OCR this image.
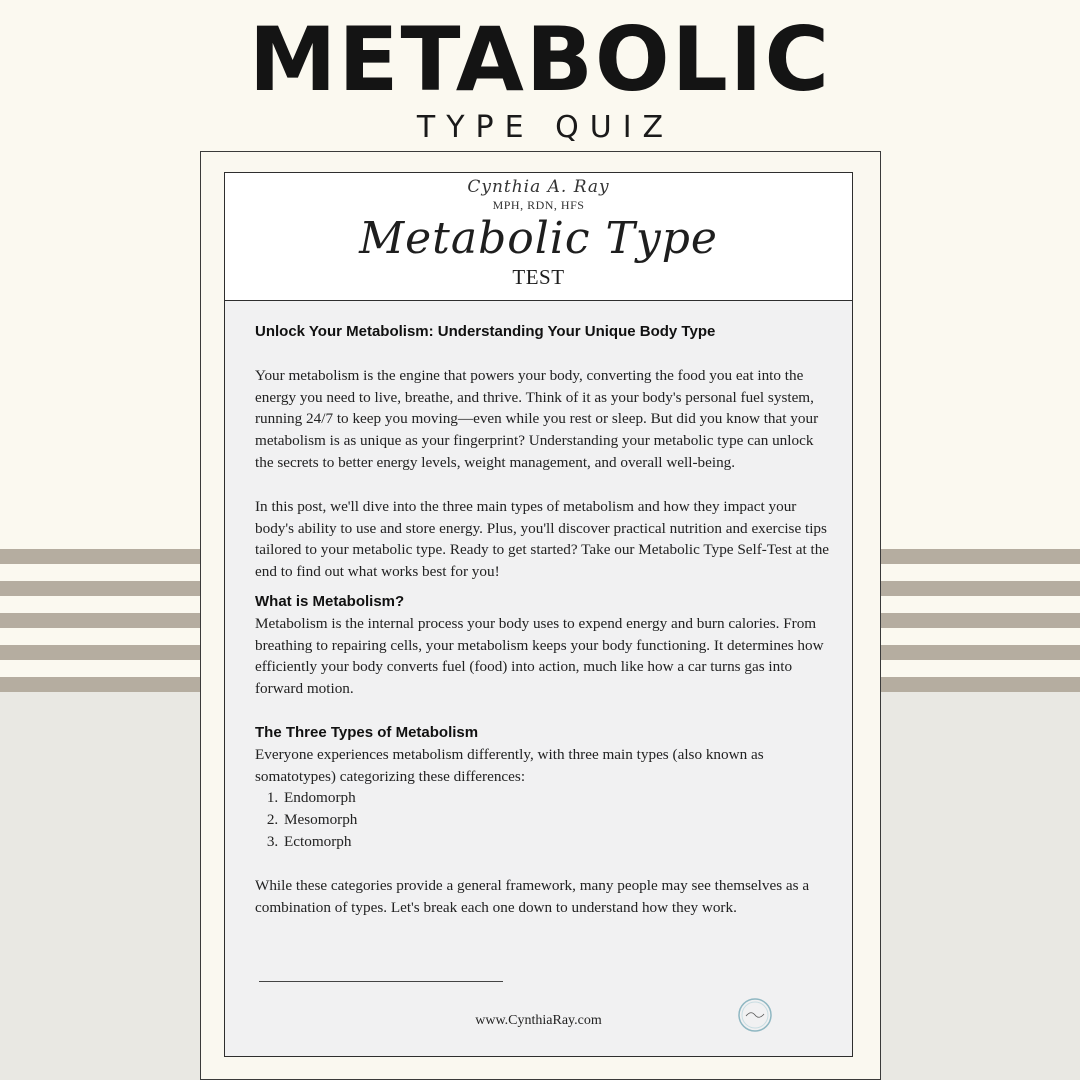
METABOLIC
TYPE QUIZ
Cynthia A. Ray
MPH, RDN, HFS
Metabolic Type
TEST
Unlock Your Metabolism: Understanding Your Unique Body Type

Your metabolism is the engine that powers your body, converting the food you eat into the energy you need to live, breathe, and thrive. Think of it as your body's personal fuel system, running 24/7 to keep you moving—even while you rest or sleep. But did you know that your metabolism is as unique as your fingerprint? Understanding your metabolic type can unlock the secrets to better energy levels, weight management, and overall well-being.

In this post, we'll dive into the three main types of metabolism and how they impact your body's ability to use and store energy. Plus, you'll discover practical nutrition and exercise tips tailored to your metabolic type. Ready to get started? Take our Metabolic Type Self-Test at the end to find out what works best for you!

What is Metabolism?

Metabolism is the internal process your body uses to expend energy and burn calories. From breathing to repairing cells, your metabolism keeps your body functioning. It determines how efficiently your body converts fuel (food) into action, much like how a car turns gas into forward motion.

The Three Types of Metabolism

Everyone experiences metabolism differently, with three main types (also known as somatotypes) categorizing these differences:

1. Endomorph
2. Mesomorph
3. Ectomorph

While these categories provide a general framework, many people may see themselves as a combination of types. Let's break each one down to understand how they work.

www.CynthiaRay.com
